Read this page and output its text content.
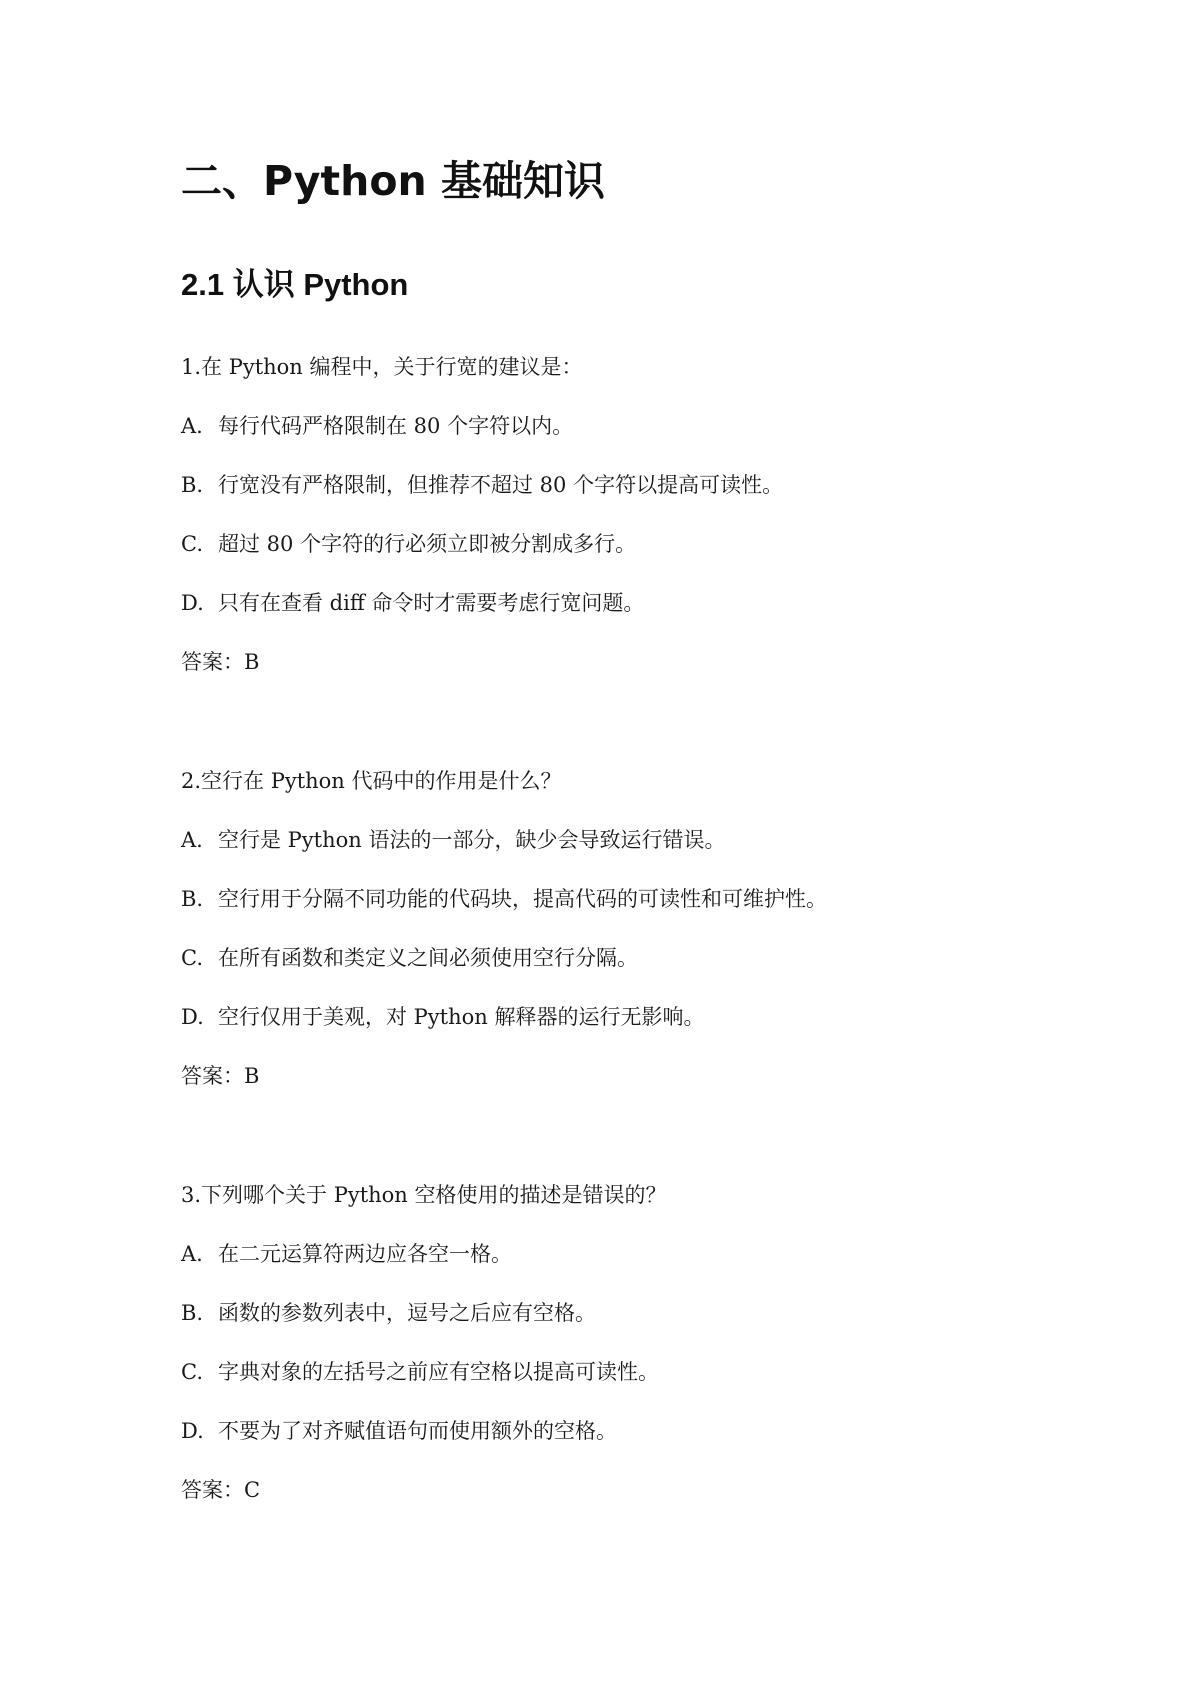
二、Python 基础知识
2.1 认识 Python
1.在 Python 编程中，关于行宽的建议是：
A. 每行代码严格限制在 80 个字符以内。
B. 行宽没有严格限制，但推荐不超过 80 个字符以提高可读性。
C. 超过 80 个字符的行必须立即被分割成多行。
D. 只有在查看 diff 命令时才需要考虑行宽问题。
答案：B
2.空行在 Python 代码中的作用是什么？
A. 空行是 Python 语法的一部分，缺少会导致运行错误。
B. 空行用于分隔不同功能的代码块，提高代码的可读性和可维护性。
C. 在所有函数和类定义之间必须使用空行分隔。
D. 空行仅用于美观，对 Python 解释器的运行无影响。
答案：B
3.下列哪个关于 Python 空格使用的描述是错误的？
A. 在二元运算符两边应各空一格。
B. 函数的参数列表中，逗号之后应有空格。
C. 字典对象的左括号之前应有空格以提高可读性。
D. 不要为了对齐赋值语句而使用额外的空格。
答案：C
